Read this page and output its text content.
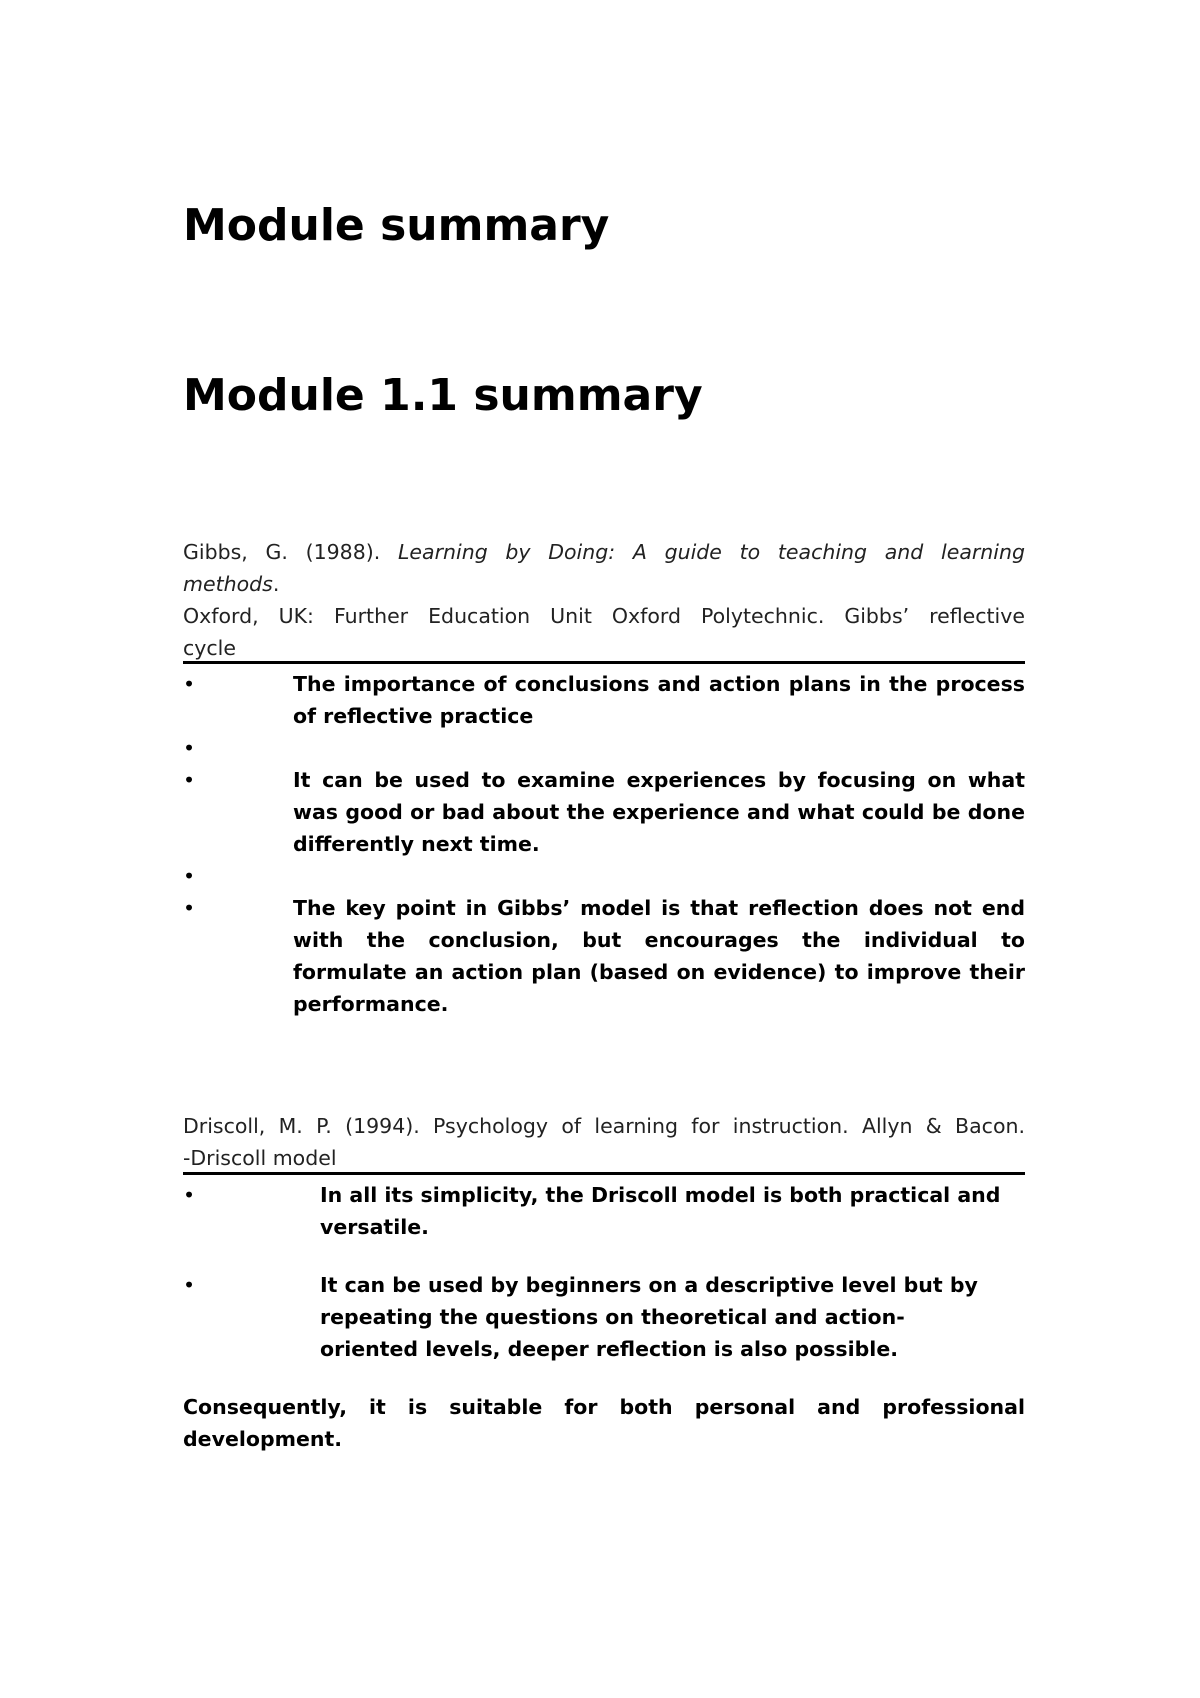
Module summary
Module 1.1 summary
Gibbs, G. (1988). Learning by Doing: A guide to teaching and learning
methods.
Oxford, UK: Further Education Unit Oxford Polytechnic. Gibbs’ reflective
cycle
•	The importance of conclusions and action plans in the process of reflective practice
•
•	It can be used to examine experiences by focusing on what was good or bad about the experience and what could be done differently next time.
•
•	The key point in Gibbs’ model is that reflection does not end with the conclusion, but encourages the individual to formulate an action plan (based on evidence) to improve their performance.
Driscoll, M. P. (1994). Psychology of learning for instruction. Allyn & Bacon.
-Driscoll model
•	In all its simplicity, the Driscoll model is both practical and versatile.
•	It can be used by beginners on a descriptive level but by repeating the questions on theoretical and action-oriented levels, deeper reflection is also possible.

Consequently, it is suitable for both personal and professional development.
